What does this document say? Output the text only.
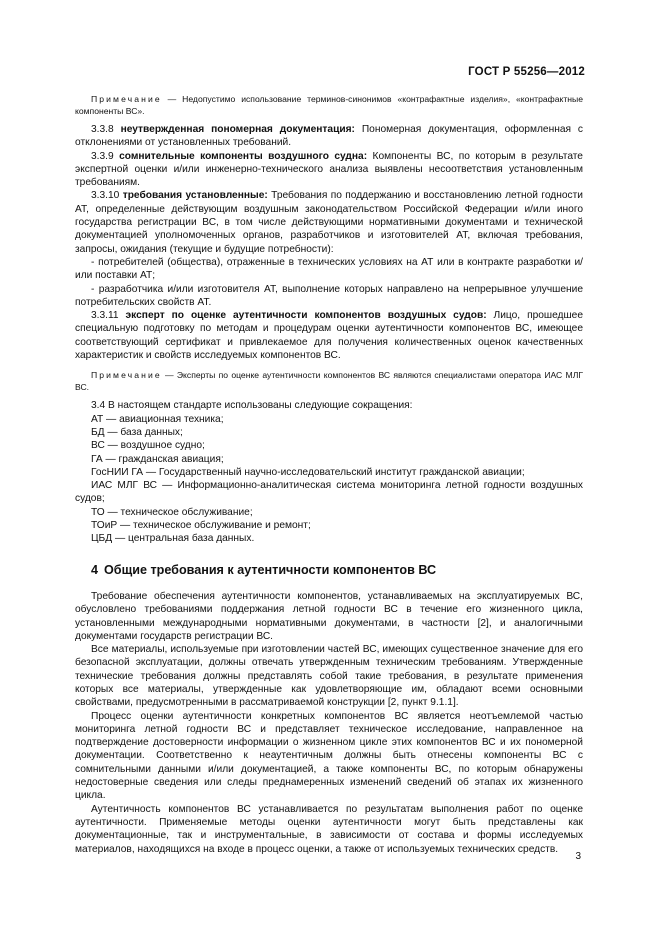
ГОСТ Р 55256—2012

Примечание — Недопустимо использование терминов-синонимов «контрафактные изделия», «контрафактные компоненты ВС».

3.3.8 неутвержденная пономерная документация: Пономерная документация, оформленная с отклонениями от установленных требований.

3.3.9 сомнительные компоненты воздушного судна: Компоненты ВС, по которым в результате экспертной оценки и/или инженерно-технического анализа выявлены несоответствия установленным требованиям.

3.3.10 требования установленные: Требования по поддержанию и восстановлению летной годности АТ, определенные действующим воздушным законодательством Российской Федерации и/или иного государства регистрации ВС, в том числе действующими нормативными документами и технической документацией уполномоченных органов, разработчиков и изготовителей АТ, включая требования, запросы, ожидания (текущие и будущие потребности):

- потребителей (общества), отраженные в технических условиях на АТ или в контракте разработки и/или поставки АТ;

- разработчика и/или изготовителя АТ, выполнение которых направлено на непрерывное улучшение потребительских свойств АТ.

3.3.11 эксперт по оценке аутентичности компонентов воздушных судов: Лицо, прошедшее специальную подготовку по методам и процедурам оценки аутентичности компонентов ВС, имеющее соответствующий сертификат и привлекаемое для получения количественных оценок качественных характеристик и свойств исследуемых компонентов ВС.

Примечание — Эксперты по оценке аутентичности компонентов ВС являются специалистами оператора ИАС МЛГ ВС.

3.4 В настоящем стандарте использованы следующие сокращения:

АТ — авиационная техника;

БД — база данных;

ВС — воздушное судно;

ГА — гражданская авиация;

ГосНИИ ГА — Государственный научно-исследовательский институт гражданской авиации;

ИАС МЛГ ВС — Информационно-аналитическая система мониторинга летной годности воздушных судов;

ТО — техническое обслуживание;

ТОиР — техническое обслуживание и ремонт;

ЦБД — центральная база данных.

4 Общие требования к аутентичности компонентов ВС

Требование обеспечения аутентичности компонентов, устанавливаемых на эксплуатируемых ВС, обусловлено требованиями поддержания летной годности ВС в течение его жизненного цикла, установленными международными нормативными документами, в частности [2], и аналогичными документами государств регистрации ВС.

Все материалы, используемые при изготовлении частей ВС, имеющих существенное значение для его безопасной эксплуатации, должны отвечать утвержденным техническим требованиям. Утвержденные технические требования должны представлять собой такие требования, в результате применения которых все материалы, утвержденные как удовлетворяющие им, обладают всеми основными свойствами, предусмотренными в рассматриваемой конструкции [2, пункт 9.1.1].

Процесс оценки аутентичности конкретных компонентов ВС является неотъемлемой частью мониторинга летной годности ВС и представляет техническое исследование, направленное на подтверждение достоверности информации о жизненном цикле этих компонентов ВС и их пономерной документации. Соответственно к неаутентичным должны быть отнесены компоненты ВС с сомнительными данными и/или документацией, а также компоненты ВС, по которым обнаружены недостоверные сведения или следы преднамеренных изменений сведений об этапах их жизненного цикла.

Аутентичность компонентов ВС устанавливается по результатам выполнения работ по оценке аутентичности. Применяемые методы оценки аутентичности могут быть представлены как документационные, так и инструментальные, в зависимости от состава и формы исследуемых материалов, находящихся на входе в процесс оценки, а также от используемых технических средств.

3
